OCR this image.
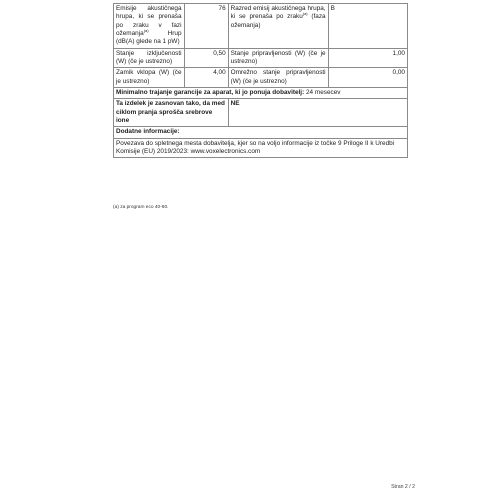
Emisije akustičnega hrupa, ki se prenaša po zraku v fazi ožemanja$^{(a)}$ Hrup (dB(A) glede na 1 pW)	76	Razred emisij akustičnega hrupa, ki se prenaša po zraku$^{(a)}$ (faza ožemanja)	B
Stanje izključenosti (W) (če je ustrezno)	0,50	Stanje pripravljenosti (W) (če je ustrezno)	1,00
Zamik vklopa (W) (če je ustrezno)	4,00	Omrežno stanje pripravljenosti (W) (če je ustrezno)	0,00
Minimalno trajanje garancije za aparat, ki jo ponuja dobavitelj: 24 mesecev			
Ta izdelek je zasnovan tako, da med ciklom pranja sprošča srebrove ione		NE	
Dodatne informacije:			
Povezava do spletnega mesta dobavitelja, kjer so na voljo informacije iz točke 9 Priloge II k Uredbi Komisije (EU) 2019/2023: www.voxelectronics.com			
(a) za program eco 40-60.
Stran 2 / 2
